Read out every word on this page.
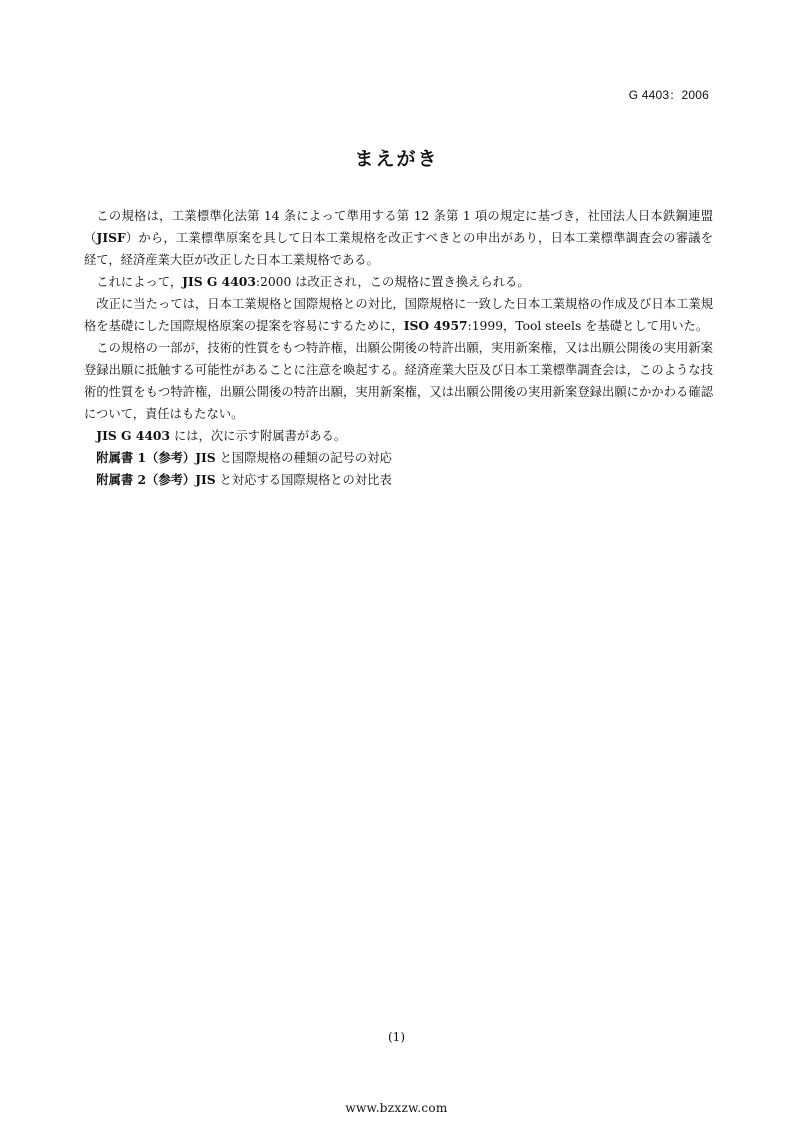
G 4403：2006
まえがき

この規格は，工業標準化法第 14 条によって準用する第 12 条第 1 項の規定に基づき，社団法人日本鉄鋼連盟（JISF）から，工業標準原案を具して日本工業規格を改正すべきとの申出があり，日本工業標準調査会の審議を経て，経済産業大臣が改正した日本工業規格である。

これによって，JIS G 4403:2000 は改正され，この規格に置き換えられる。

改正に当たっては，日本工業規格と国際規格との対比，国際規格に一致した日本工業規格の作成及び日本工業規格を基礎にした国際規格原案の提案を容易にするために，ISO 4957:1999，Tool steels を基礎として用いた。

この規格の一部が，技術的性質をもつ特許権，出願公開後の特許出願，実用新案権，又は出願公開後の実用新案登録出願に抵触する可能性があることに注意を喚起する。経済産業大臣及び日本工業標準調査会は，このような技術的性質をもつ特許権，出願公開後の特許出願，実用新案権，又は出願公開後の実用新案登録出願にかかわる確認について，責任はもたない。

JIS G 4403 には，次に示す附属書がある。

附属書 1（参考）JIS と国際規格の種類の記号の対応

附属書 2（参考）JIS と対応する国際規格との対比表

(1)
www.bzxzw.com
